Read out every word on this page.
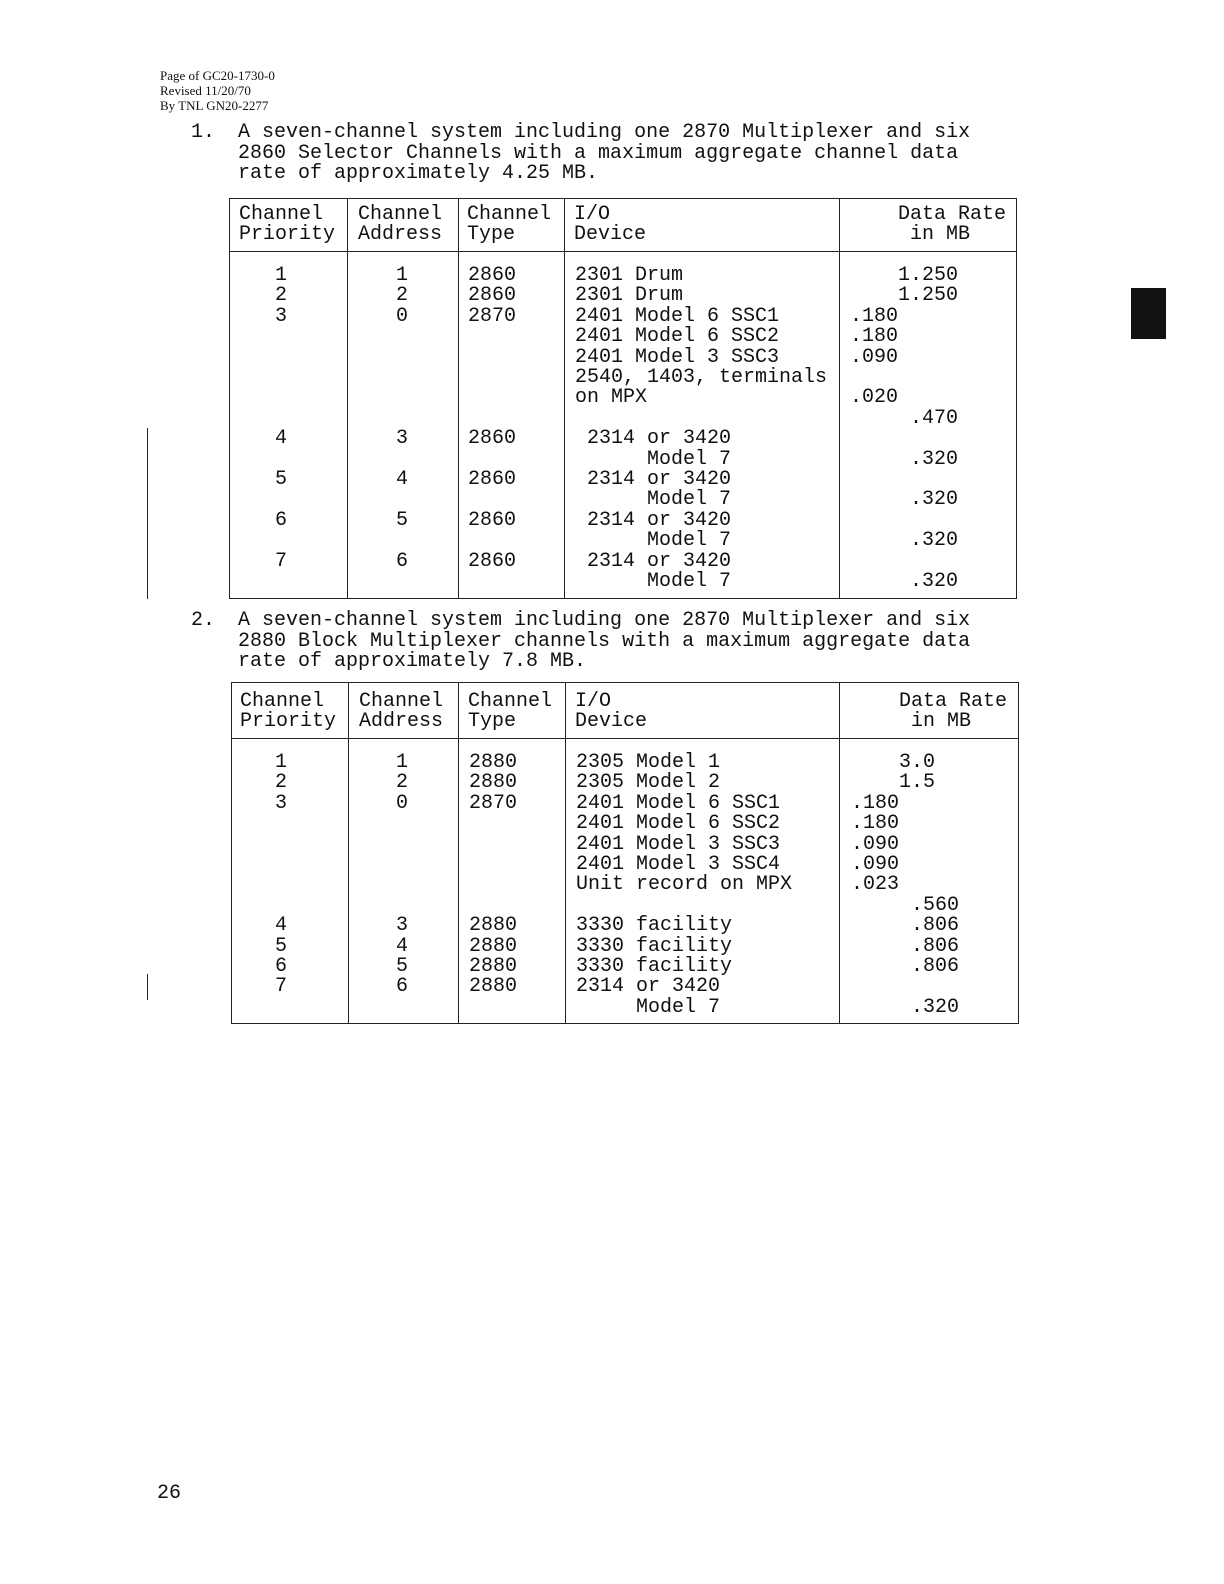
Page of GC20-1730-0
Revised 11/20/70
By TNL GN20-2277
1. A seven-channel system including one 2870 Multiplexer and six
2860 Selector Channels with a maximum aggregate channel data
rate of approximately 4.25 MB.
Channel
Priority
Channel
Address
Channel
Type
I/O
Device
Data Rate
in MB
1
2
3

4

5

6

7
1
2
0

3

4

5

6
2860
2860
2870

2860

2860

2860

2860
2301 Drum
2301 Drum
2401 Model 6 SSC1
2401 Model 6 SSC2
2401 Model 3 SSC3
2540, 1403, terminals
on MPX

2314 or 3420
Model 7
2314 or 3420
Model 7
2314 or 3420
Model 7
2314 or 3420
Model 7
1.250
1.250
.180
.180
.090

.020
.470

.320

.320

.320

.320
2. A seven-channel system including one 2870 Multiplexer and six
2880 Block Multiplexer channels with a maximum aggregate data
rate of approximately 7.8 MB.
Channel
Priority
Channel
Address
Channel
Type
I/O
Device
Data Rate
in MB
1
2
3

4
5
6
7
1
2
0

3
4
5
6
2880
2880
2870

2880
2880
2880
2880
2305 Model 1
2305 Model 2
2401 Model 6 SSC1
2401 Model 6 SSC2
2401 Model 3 SSC3
2401 Model 3 SSC4
Unit record on MPX

3330 facility
3330 facility
3330 facility
2314 or 3420
Model 7
3.0
1.5
.180
.180
.090
.090
.023
.560
.806
.806
.806

.320
26
